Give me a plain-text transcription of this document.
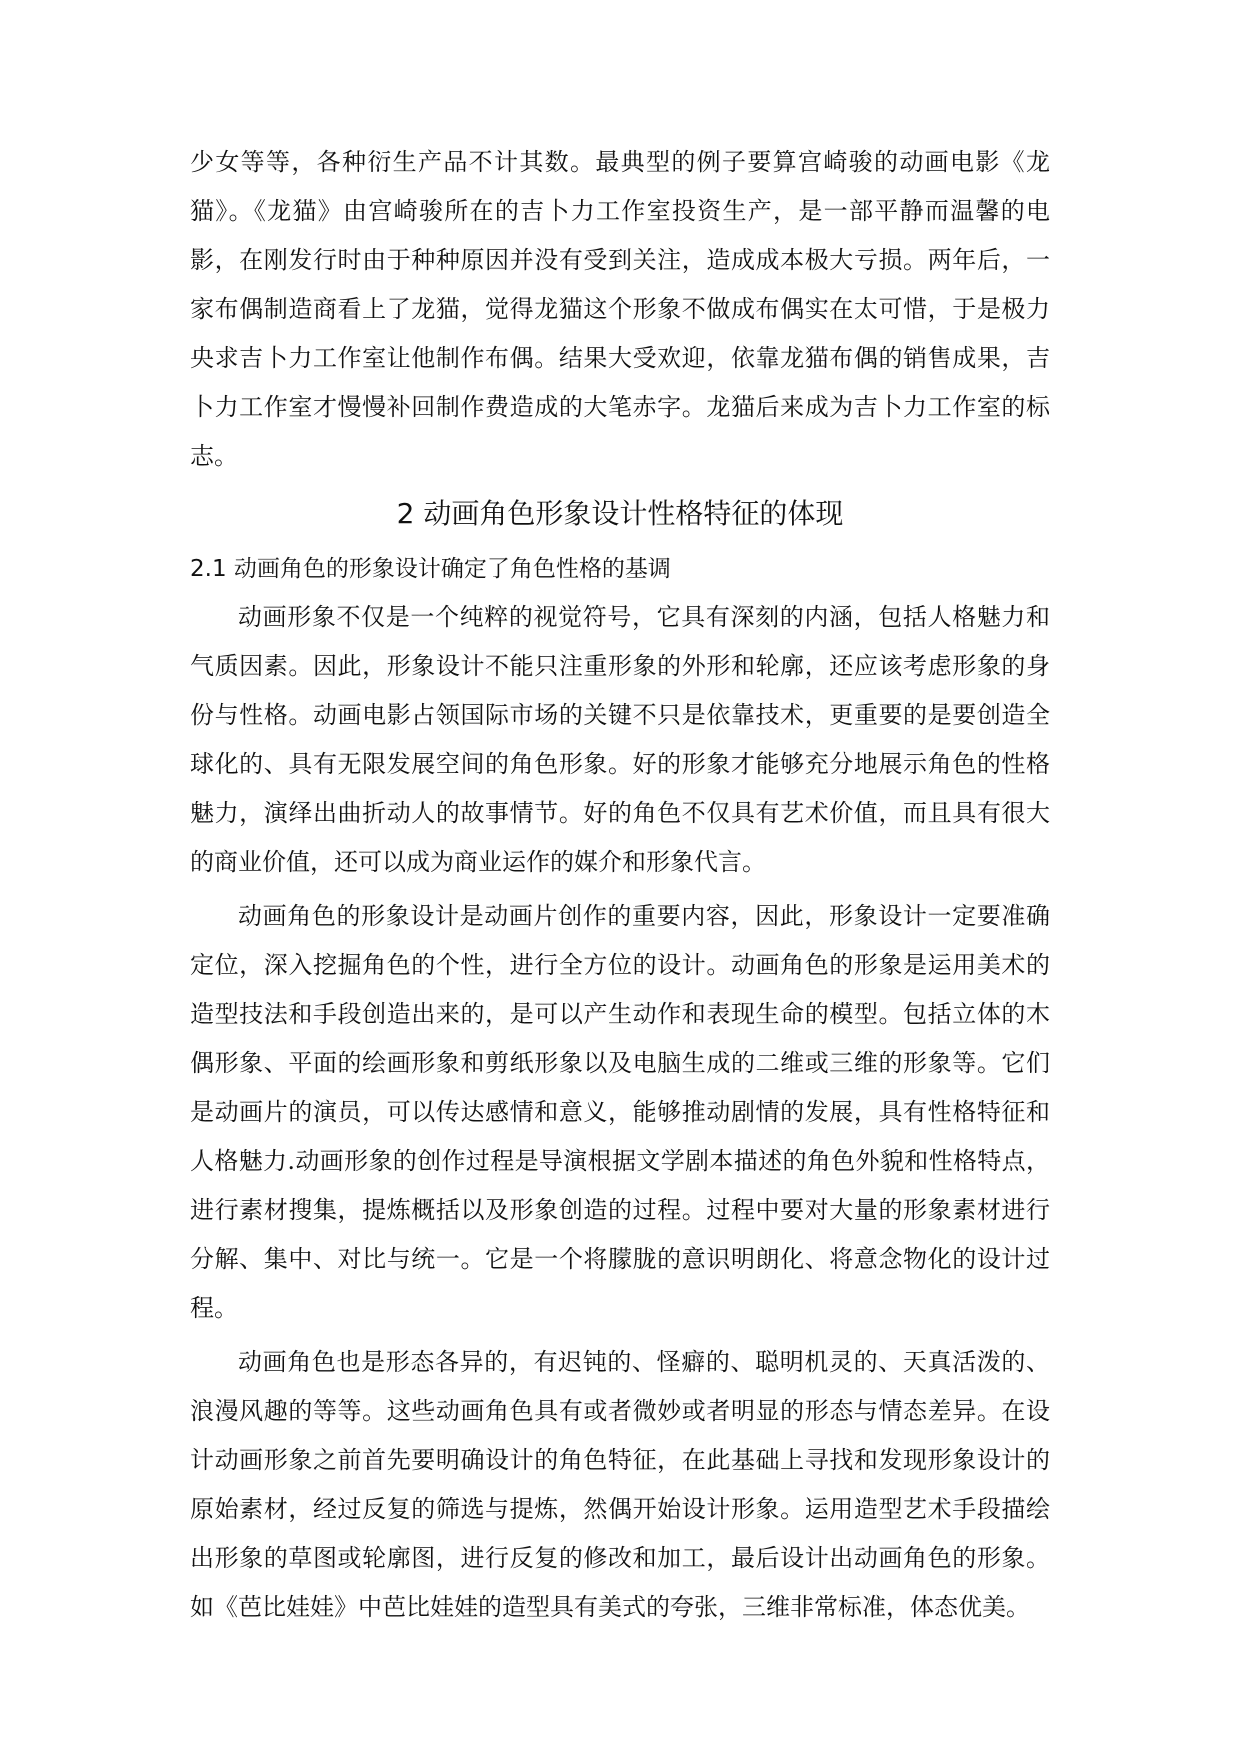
少女等等，各种衍生产品不计其数。最典型的例子要算宫崎骏的动画电影《龙猫》。《龙猫》由宫崎骏所在的吉卜力工作室投资生产，是一部平静而温馨的电影，在刚发行时由于种种原因并没有受到关注，造成成本极大亏损。两年后，一家布偶制造商看上了龙猫，觉得龙猫这个形象不做成布偶实在太可惜，于是极力央求吉卜力工作室让他制作布偶。结果大受欢迎，依靠龙猫布偶的销售成果，吉卜力工作室才慢慢补回制作费造成的大笔赤字。龙猫后来成为吉卜力工作室的标志。

2 动画角色形象设计性格特征的体现
2.1 动画角色的形象设计确定了角色性格的基调

动画形象不仅是一个纯粹的视觉符号，它具有深刻的内涵，包括人格魅力和气质因素。因此，形象设计不能只注重形象的外形和轮廓，还应该考虑形象的身份与性格。动画电影占领国际市场的关键不只是依靠技术，更重要的是要创造全球化的、具有无限发展空间的角色形象。好的形象才能够充分地展示角色的性格魅力，演绎出曲折动人的故事情节。好的角色不仅具有艺术价值，而且具有很大的商业价值，还可以成为商业运作的媒介和形象代言。

动画角色的形象设计是动画片创作的重要内容，因此，形象设计一定要准确定位，深入挖掘角色的个性，进行全方位的设计。动画角色的形象是运用美术的造型技法和手段创造出来的，是可以产生动作和表现生命的模型。包括立体的木偶形象、平面的绘画形象和剪纸形象以及电脑生成的二维或三维的形象等。它们是动画片的演员，可以传达感情和意义，能够推动剧情的发展，具有性格特征和人格魅力.动画形象的创作过程是导演根据文学剧本描述的角色外貌和性格特点，进行素材搜集，提炼概括以及形象创造的过程。过程中要对大量的形象素材进行分解、集中、对比与统一。它是一个将朦胧的意识明朗化、将意念物化的设计过程。

动画角色也是形态各异的，有迟钝的、怪癖的、聪明机灵的、天真活泼的、浪漫风趣的等等。这些动画角色具有或者微妙或者明显的形态与情态差异。在设计动画形象之前首先要明确设计的角色特征，在此基础上寻找和发现形象设计的原始素材，经过反复的筛选与提炼，然偶开始设计形象。运用造型艺术手段描绘出形象的草图或轮廓图，进行反复的修改和加工，最后设计出动画角色的形象。如《芭比娃娃》中芭比娃娃的造型具有美式的夸张，三维非常标准，体态优美。
